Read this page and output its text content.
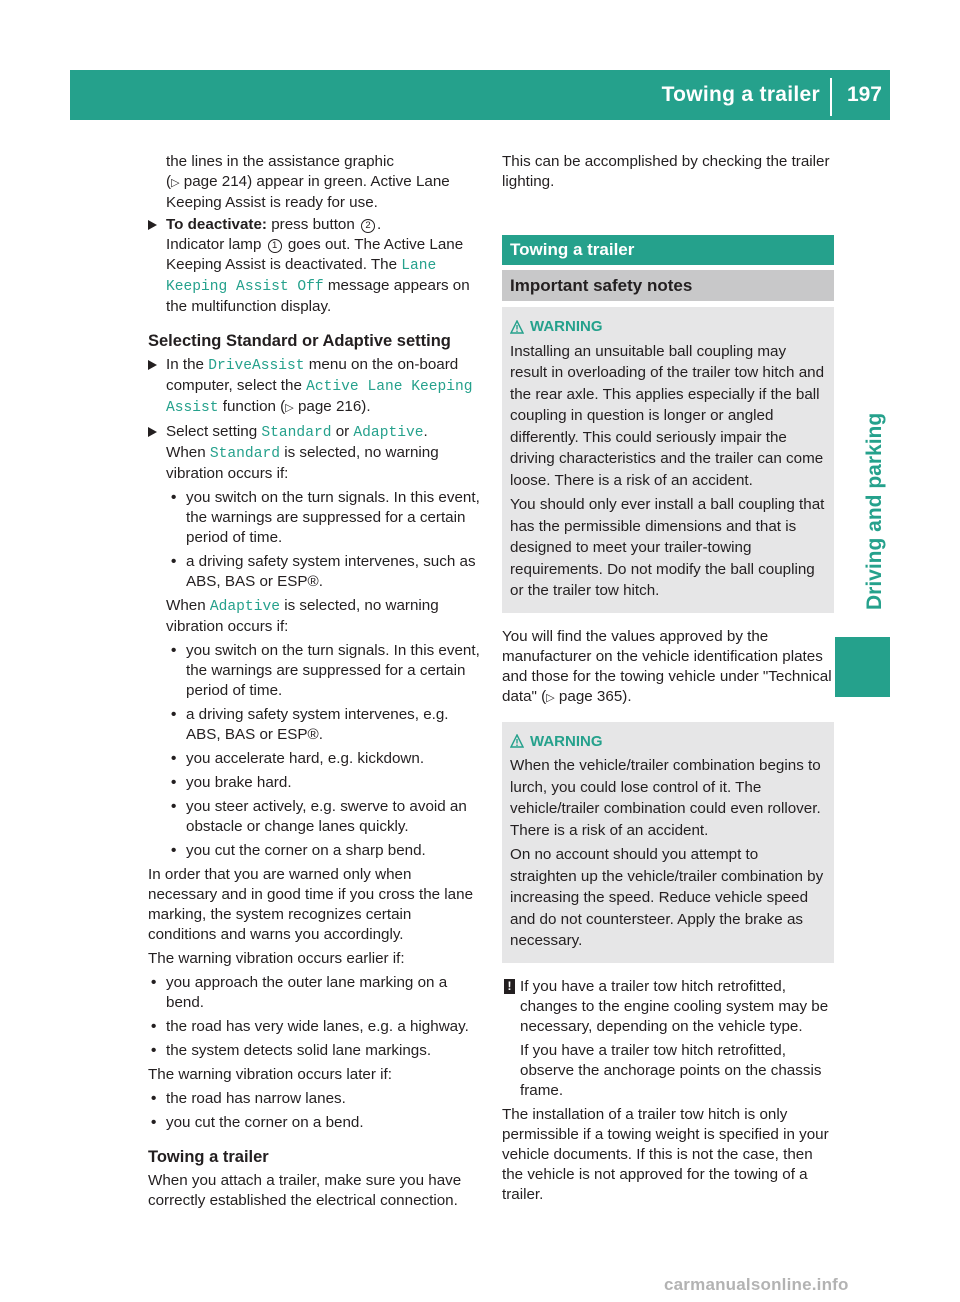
Towing a trailer 197
Driving and parking
the lines in the assistance graphic
(▷ page 214) appear in green. Active Lane
Keeping Assist is ready for use.
To deactivate: press button 2 .
Indicator lamp 1 goes out. The Active Lane Keeping Assist is deactivated. The Lane Keeping Assist Off message appears on the multifunction display.
Selecting Standard or Adaptive setting
In the DriveAssist menu on the on-board computer, select the Active Lane Keeping Assist function (▷ page 216).
Select setting Standard or Adaptive.
When Standard is selected, no warning vibration occurs if:
• you switch on the turn signals. In this event, the warnings are suppressed for a certain period of time.
• a driving safety system intervenes, such as ABS, BAS or ESP®.
When Adaptive is selected, no warning vibration occurs if:
• you switch on the turn signals. In this event, the warnings are suppressed for a certain period of time.
• a driving safety system intervenes, e.g. ABS, BAS or ESP®.
• you accelerate hard, e.g. kickdown.
• you brake hard.
• you steer actively, e.g. swerve to avoid an obstacle or change lanes quickly.
• you cut the corner on a sharp bend.

In order that you are warned only when necessary and in good time if you cross the lane marking, the system recognizes certain conditions and warns you accordingly.

The warning vibration occurs earlier if:

• you approach the outer lane marking on a bend.
• the road has very wide lanes, e.g. a highway.
• the system detects solid lane markings.

The warning vibration occurs later if:

• the road has narrow lanes.
• you cut the corner on a bend.
Towing a trailer

When you attach a trailer, make sure you have correctly established the electrical connection.

This can be accomplished by checking the trailer lighting.

Towing a trailer
Important safety notes
WARNING

Installing an unsuitable ball coupling may result in overloading of the trailer tow hitch and the rear axle. This applies especially if the ball coupling in question is longer or angled differently. This could seriously impair the driving characteristics and the trailer can come loose. There is a risk of an accident.

You should only ever install a ball coupling that has the permissible dimensions and that is designed to meet your trailer-towing requirements. Do not modify the ball coupling or the trailer tow hitch.

You will find the values approved by the manufacturer on the vehicle identification plates and those for the towing vehicle under "Technical data" (▷ page 365).

WARNING

When the vehicle/trailer combination begins to lurch, you could lose control of it. The vehicle/trailer combination could even rollover. There is a risk of an accident.

On no account should you attempt to straighten up the vehicle/trailer combination by increasing the speed. Reduce vehicle speed and do not countersteer. Apply the brake as necessary.

! If you have a trailer tow hitch retrofitted, changes to the engine cooling system may be necessary, depending on the vehicle type.

If you have a trailer tow hitch retrofitted, observe the anchorage points on the chassis frame.

The installation of a trailer tow hitch is only permissible if a towing weight is specified in your vehicle documents. If this is not the case, then the vehicle is not approved for the towing of a trailer.

carmanualsonline.info
